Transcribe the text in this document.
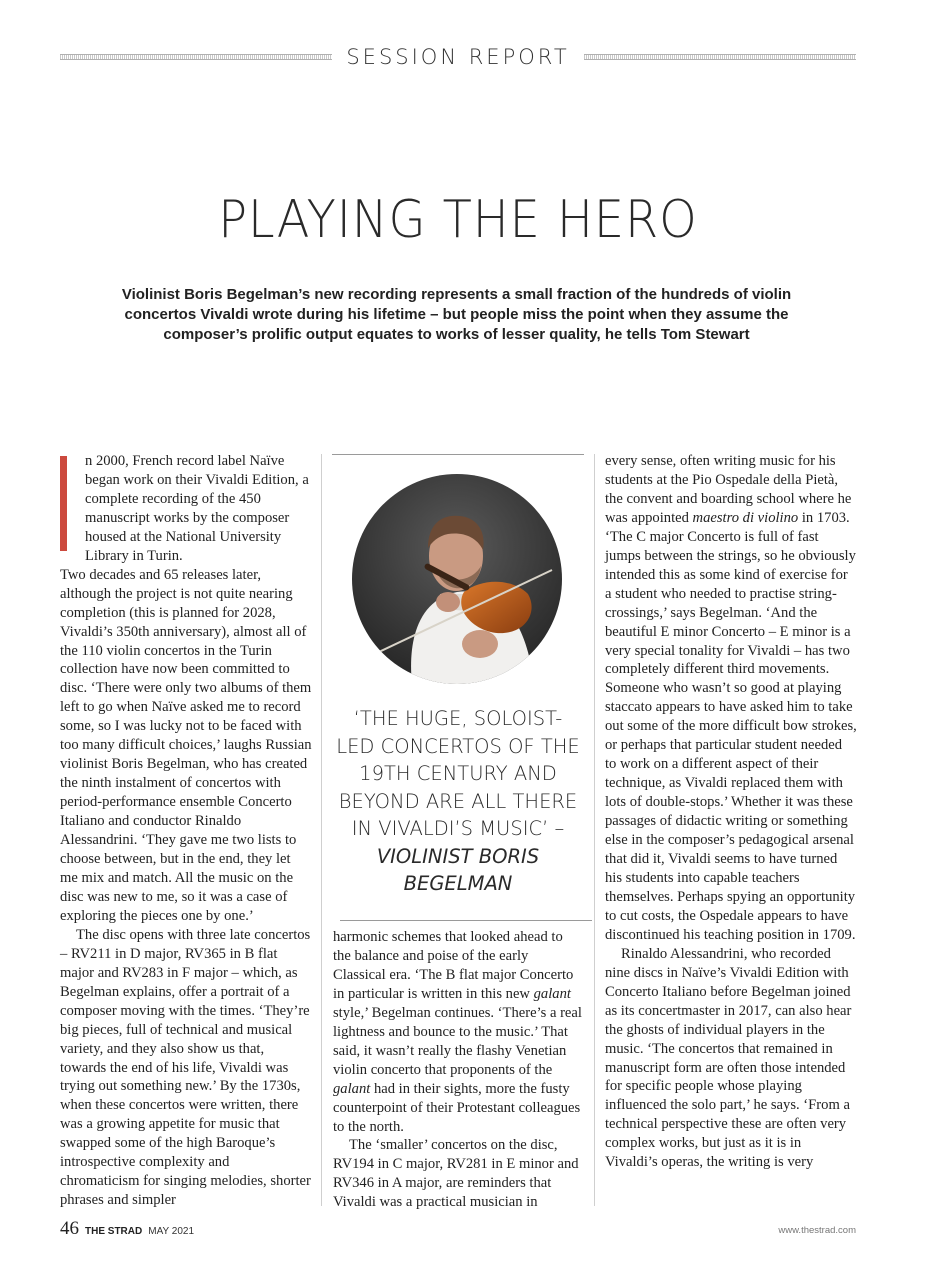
SESSION REPORT
PLAYING THE HERO
Violinist Boris Begelman’s new recording represents a small fraction of the hundreds of violin concertos Vivaldi wrote during his lifetime – but people miss the point when they assume the composer’s prolific output equates to works of lesser quality, he tells Tom Stewart

n 2000, French record label Naïve began work on their Vivaldi Edition, a complete recording of the 450 manuscript works by the composer housed at the National University Library in Turin.
Two decades and 65 releases later, although the project is not quite nearing completion (this is planned for 2028, Vivaldi’s 350th anniversary), almost all of the 110 violin concertos in the Turin collection have now been committed to disc. ‘There were only two albums of them left to go when Naïve asked me to record some, so I was lucky not to be faced with too many difficult choices,’ laughs Russian violinist Boris Begelman, who has created the ninth instalment of concertos with period-performance ensemble Concerto Italiano and conductor Rinaldo Alessandrini. ‘They gave me two lists to choose between, but in the end, they let me mix and match. All the music on the disc was new to me, so it was a case of exploring the pieces one by one.’

The disc opens with three late concertos – RV211 in D major, RV365 in B flat major and RV283 in F major – which, as Begelman explains, offer a portrait of a composer moving with the times. ‘They’re big pieces, full of technical and musical variety, and they also show us that, towards the end of his life, Vivaldi was trying out something new.’ By the 1730s, when these concertos were written, there was a growing appetite for music that swapped some of the high Baroque’s introspective complexity and chromaticism for singing melodies, shorter phrases and simpler

‘THE HUGE, SOLOIST-LED CONCERTOS OF THE 19TH CENTURY AND BEYOND ARE ALL THERE IN VIVALDI’S MUSIC’ – VIOLINIST BORIS BEGELMAN

harmonic schemes that looked ahead to the balance and poise of the early Classical era. ‘The B flat major Concerto in particular is written in this new galant style,’ Begelman continues. ‘There’s a real lightness and bounce to the music.’ That said, it wasn’t really the flashy Venetian violin concerto that proponents of the galant had in their sights, more the fusty counterpoint of their Protestant colleagues to the north.

The ‘smaller’ concertos on the disc, RV194 in C major, RV281 in E minor and RV346 in A major, are reminders that Vivaldi was a practical musician in

every sense, often writing music for his students at the Pio Ospedale della Pietà, the convent and boarding school where he was appointed maestro di violino in 1703. ‘The C major Concerto is full of fast jumps between the strings, so he obviously intended this as some kind of exercise for a student who needed to practise string-crossings,’ says Begelman. ‘And the beautiful E minor Concerto – E minor is a very special tonality for Vivaldi – has two completely different third movements. Someone who wasn’t so good at playing staccato appears to have asked him to take out some of the more difficult bow strokes, or perhaps that particular student needed to work on a different aspect of their technique, as Vivaldi replaced them with lots of double-stops.’ Whether it was these passages of didactic writing or something else in the composer’s pedagogical arsenal that did it, Vivaldi seems to have turned his students into capable teachers themselves. Perhaps spying an opportunity to cut costs, the Ospedale appears to have discontinued his teaching position in 1709.

Rinaldo Alessandrini, who recorded nine discs in Naïve’s Vivaldi Edition with Concerto Italiano before Begelman joined as its concertmaster in 2017, can also hear the ghosts of individual players in the music. ‘The concertos that remained in manuscript form are often those intended for specific people whose playing influenced the solo part,’ he says. ‘From a technical perspective these are often very complex works, but just as it is in Vivaldi’s operas, the writing is very

46 THE STRAD MAY 2021	www.thestrad.com
